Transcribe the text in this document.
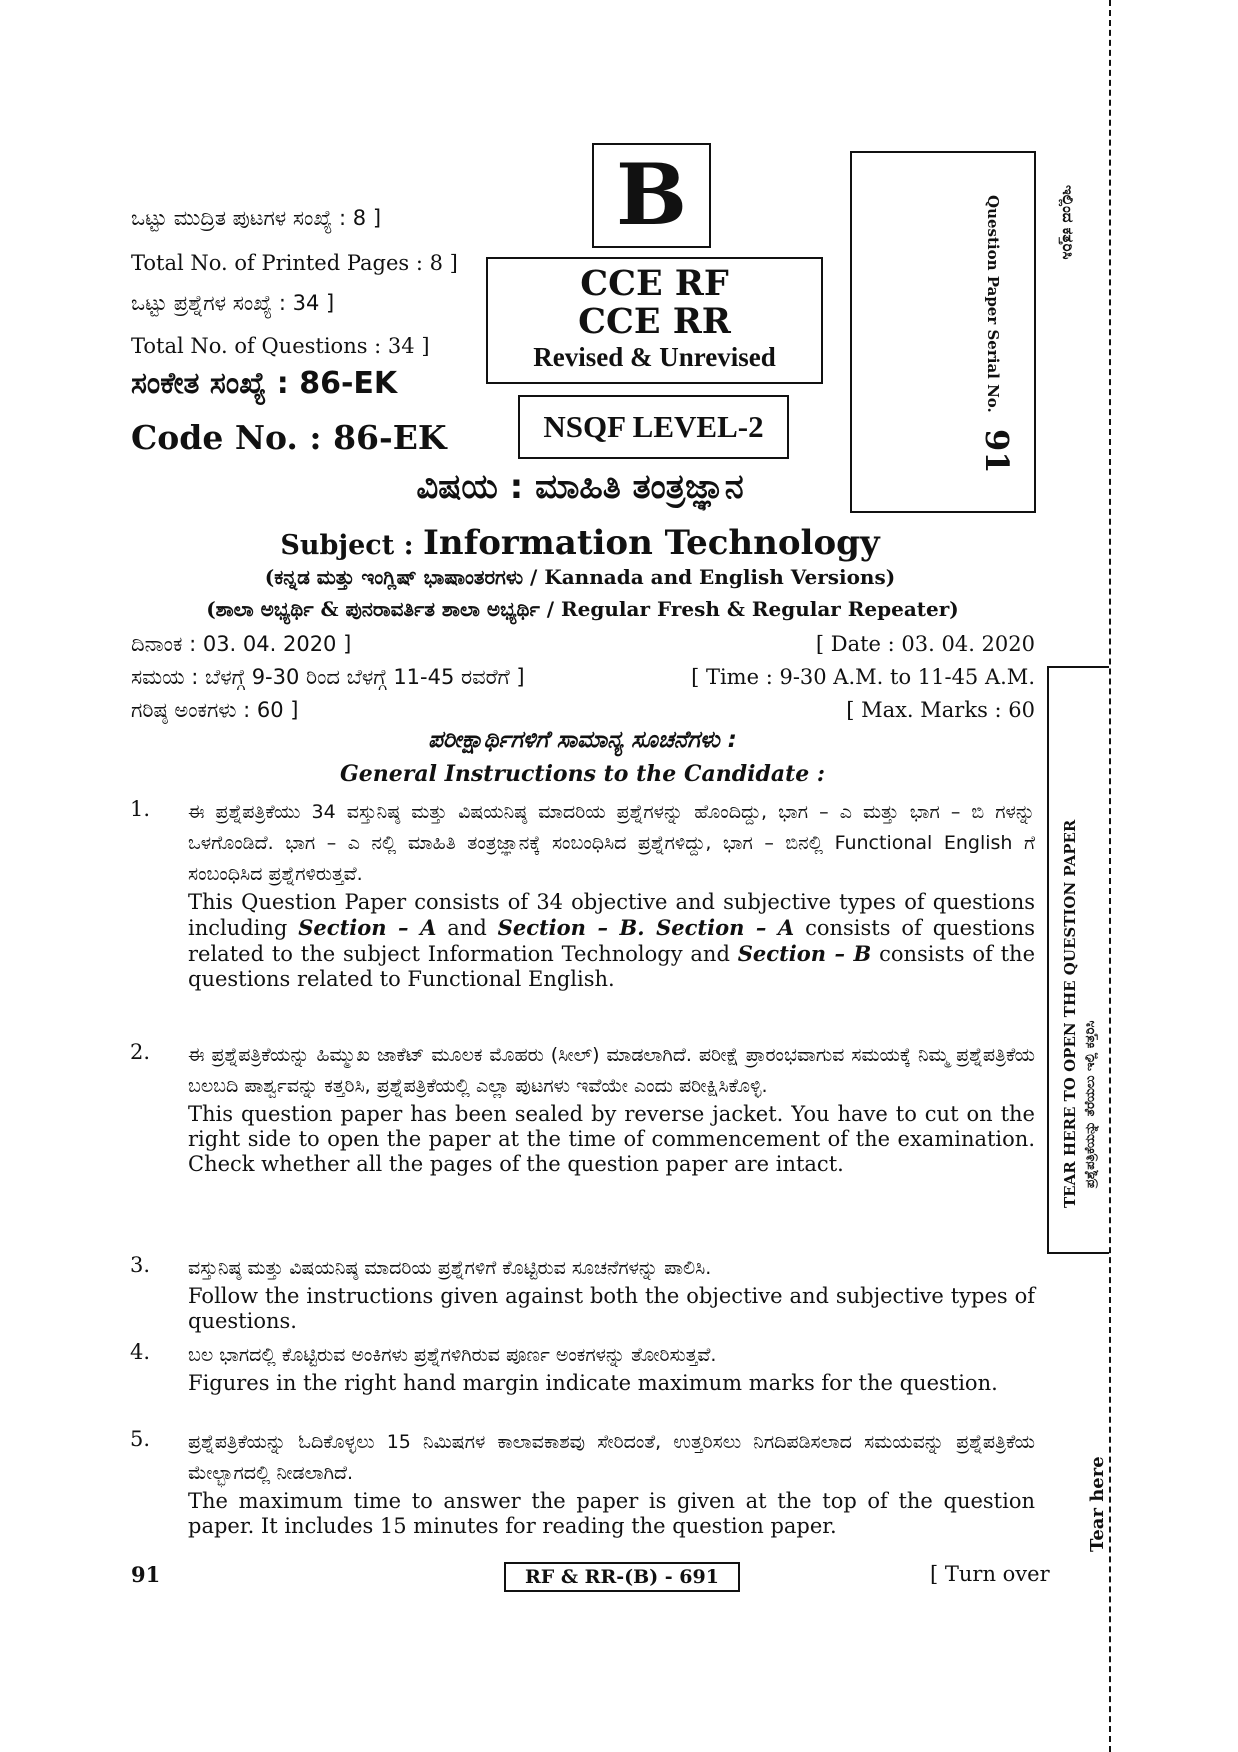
ಒಟ್ಟು ಮುದ್ರಿತ ಪುಟಗಳ ಸಂಖ್ಯೆ : 8 ]
Total No. of Printed Pages : 8 ]
ಒಟ್ಟು ಪ್ರಶ್ನೆಗಳ ಸಂಖ್ಯೆ : 34 ]
Total No. of Questions : 34 ]
ಸಂಕೇತ ಸಂಖ್ಯೆ : 86-EK
Code No. : 86-EK
B
CCE RF
CCE RR
Revised & Unrevised
NSQF LEVEL-2
Question Paper Serial No.
91
ವಿಷಯ : ಮಾಹಿತಿ ತಂತ್ರಜ್ಞಾನ
Subject : Information Technology
(ಕನ್ನಡ ಮತ್ತು ಇಂಗ್ಲಿಷ್ ಭಾಷಾಂತರಗಳು / Kannada and English Versions)
(ಶಾಲಾ ಅಭ್ಯರ್ಥಿ & ಪುನರಾವರ್ತಿತ ಶಾಲಾ ಅಭ್ಯರ್ಥಿ / Regular Fresh & Regular Repeater)
ದಿನಾಂಕ : 03. 04. 2020 ]	[ Date : 03. 04. 2020
ಸಮಯ : ಬೆಳಗ್ಗೆ 9-30 ರಿಂದ ಬೆಳಗ್ಗೆ 11-45 ರವರೆಗೆ ]	[ Time : 9-30 A.M. to 11-45 A.M.
ಗರಿಷ್ಠ ಅಂಕಗಳು : 60 ]	[ Max. Marks : 60
ಪರೀಕ್ಷಾರ್ಥಿಗಳಿಗೆ ಸಾಮಾನ್ಯ ಸೂಚನೆಗಳು :
General Instructions to the Candidate :
1. ಈ ಪ್ರಶ್ನೆಪತ್ರಿಕೆಯು 34 ವಸ್ತುನಿಷ್ಠ ಮತ್ತು ವಿಷಯನಿಷ್ಠ ಮಾದರಿಯ ಪ್ರಶ್ನೆಗಳನ್ನು ಹೊಂದಿದ್ದು, ಭಾಗ – ಎ ಮತ್ತು ಭಾಗ – ಬಿ ಗಳನ್ನು ಒಳಗೊಂಡಿದೆ. ಭಾಗ – ಎ ನಲ್ಲಿ ಮಾಹಿತಿ ತಂತ್ರಜ್ಞಾನಕ್ಕೆ ಸಂಬಂಧಿಸಿದ ಪ್ರಶ್ನೆಗಳಿದ್ದು, ಭಾಗ – ಬಿನಲ್ಲಿ Functional English ಗೆ ಸಂಬಂಧಿಸಿದ ಪ್ರಶ್ನೆಗಳಿರುತ್ತವೆ.
This Question Paper consists of 34 objective and subjective types of questions including Section – A and Section – B. Section – A consists of questions related to the subject Information Technology and Section – B consists of the questions related to Functional English.
2. ಈ ಪ್ರಶ್ನೆಪತ್ರಿಕೆಯನ್ನು ಹಿಮ್ಮುಖ ಜಾಕೆಟ್ ಮೂಲಕ ಮೊಹರು (ಸೀಲ್) ಮಾಡಲಾಗಿದೆ. ಪರೀಕ್ಷೆ ಪ್ರಾರಂಭವಾಗುವ ಸಮಯಕ್ಕೆ ನಿಮ್ಮ ಪ್ರಶ್ನೆಪತ್ರಿಕೆಯ ಬಲಬದಿ ಪಾರ್ಶ್ವವನ್ನು ಕತ್ತರಿಸಿ, ಪ್ರಶ್ನೆಪತ್ರಿಕೆಯಲ್ಲಿ ಎಲ್ಲಾ ಪುಟಗಳು ಇವೆಯೇ ಎಂದು ಪರೀಕ್ಷಿಸಿಕೊಳ್ಳಿ.
This question paper has been sealed by reverse jacket. You have to cut on the right side to open the paper at the time of commencement of the examination. Check whether all the pages of the question paper are intact.
3. ವಸ್ತುನಿಷ್ಠ ಮತ್ತು ವಿಷಯನಿಷ್ಠ ಮಾದರಿಯ ಪ್ರಶ್ನೆಗಳಿಗೆ ಕೊಟ್ಟಿರುವ ಸೂಚನೆಗಳನ್ನು ಪಾಲಿಸಿ.
Follow the instructions given against both the objective and subjective types of questions.
4. ಬಲ ಭಾಗದಲ್ಲಿ ಕೊಟ್ಟಿರುವ ಅಂಕಿಗಳು ಪ್ರಶ್ನೆಗಳಿಗಿರುವ ಪೂರ್ಣ ಅಂಕಗಳನ್ನು ತೋರಿಸುತ್ತವೆ.
Figures in the right hand margin indicate maximum marks for the question.
5. ಪ್ರಶ್ನೆಪತ್ರಿಕೆಯನ್ನು ಓದಿಕೊಳ್ಳಲು 15 ನಿಮಿಷಗಳ ಕಾಲಾವಕಾಶವು ಸೇರಿದಂತೆ, ಉತ್ತರಿಸಲು ನಿಗದಿಪಡಿಸಲಾದ ಸಮಯವನ್ನು ಪ್ರಶ್ನೆಪತ್ರಿಕೆಯ ಮೇಲ್ಭಾಗದಲ್ಲಿ ನೀಡಲಾಗಿದೆ.
The maximum time to answer the paper is given at the top of the question paper. It includes 15 minutes for reading the question paper.
91	RF & RR-(B) - 691	[ Turn over
ಇಲ್ಲಿಂದ ಕತ್ತರಿಸಿ
TEAR HERE TO OPEN THE QUESTION PAPER ಪ್ರಶ್ನೆಪತ್ರಿಕೆಯನ್ನು ತೆರೆಯಲು ಇಲ್ಲಿ ಕತ್ತರಿಸಿ
Tear here
